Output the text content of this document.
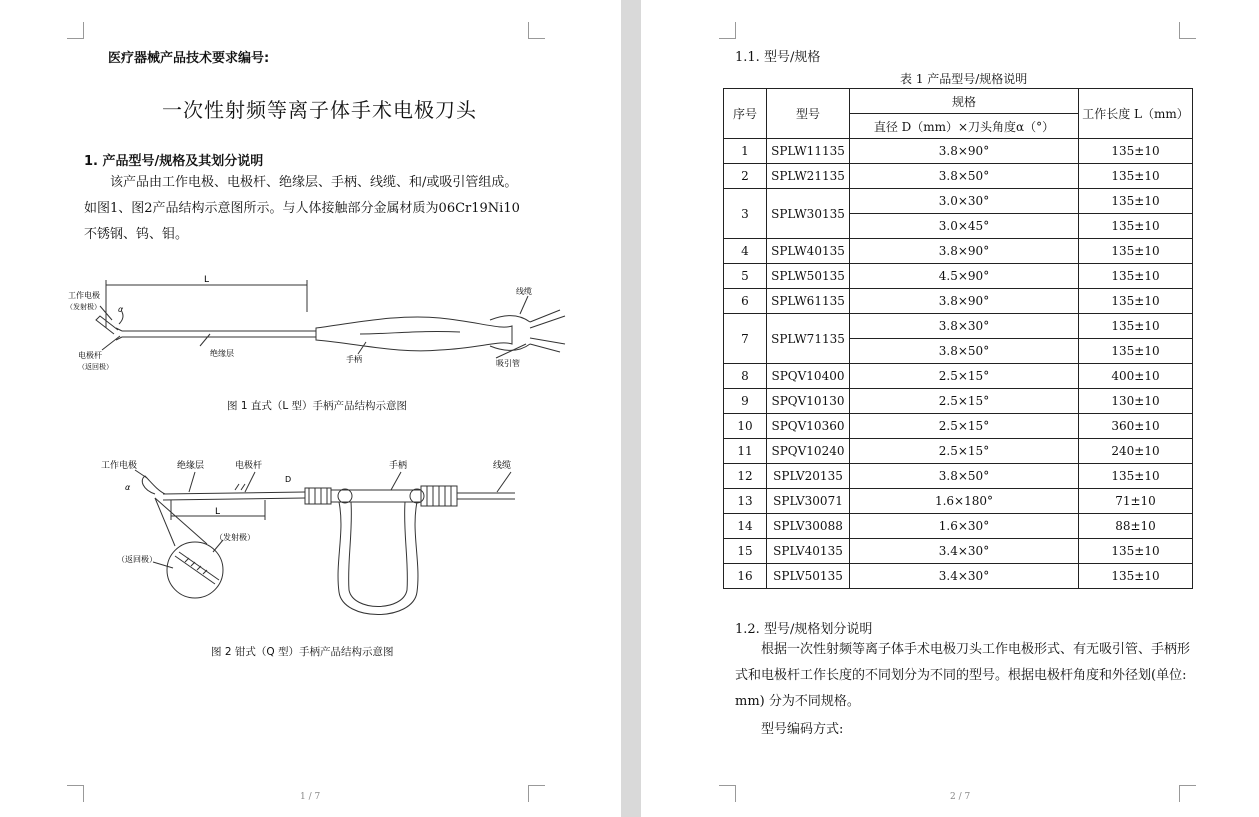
医疗器械产品技术要求编号:
一次性射频等离子体手术电极刀头
1. 产品型号/规格及其划分说明
该产品由工作电极、电极杆、绝缘层、手柄、线缆、和/或吸引管组成。 如图1、图2产品结构示意图所示。与人体接触部分金属材质为06Cr19Ni10不锈钢、钨、钼。
L
α
工作电极
（发射极）
电极杆
（返回极）
绝缘层
手柄
线缆
吸引管
图 1 直式（L 型）手柄产品结构示意图
工作电极	绝缘层	电极杆	手柄	线缆
（发射极）
（返回极）
L
α
D
图 2 钳式（Q 型）手柄产品结构示意图
1 / 7
1.1. 型号/规格
表 1 产品型号/规格说明
序号	型号	规格	工作长度 L（mm）
		直径 D（mm）×刀头角度α（°）	
1	SPLW11135	3.8×90°	135±10
2	SPLW21135	3.8×50°	135±10
3	SPLW30135	3.0×30°	135±10
		3.0×45°	135±10
4	SPLW40135	3.8×90°	135±10
5	SPLW50135	4.5×90°	135±10
6	SPLW61135	3.8×90°	135±10
7	SPLW71135	3.8×30°	135±10
		3.8×50°	135±10
8	SPQV10400	2.5×15°	400±10
9	SPQV10130	2.5×15°	130±10
10	SPQV10360	2.5×15°	360±10
11	SPQV10240	2.5×15°	240±10
12	SPLV20135	3.8×50°	135±10
13	SPLV30071	1.6×180°	71±10
14	SPLV30088	1.6×30°	88±10
15	SPLV40135	3.4×30°	135±10
16	SPLV50135	3.4×30°	135±10
1.2. 型号/规格划分说明
根据一次性射频等离子体手术电极刀头工作电极形式、有无吸引管、手柄形式和电极杆工作长度的不同划分为不同的型号。根据电极杆角度和外径划(单位: mm) 分为不同规格。
型号编码方式:
2 / 7
